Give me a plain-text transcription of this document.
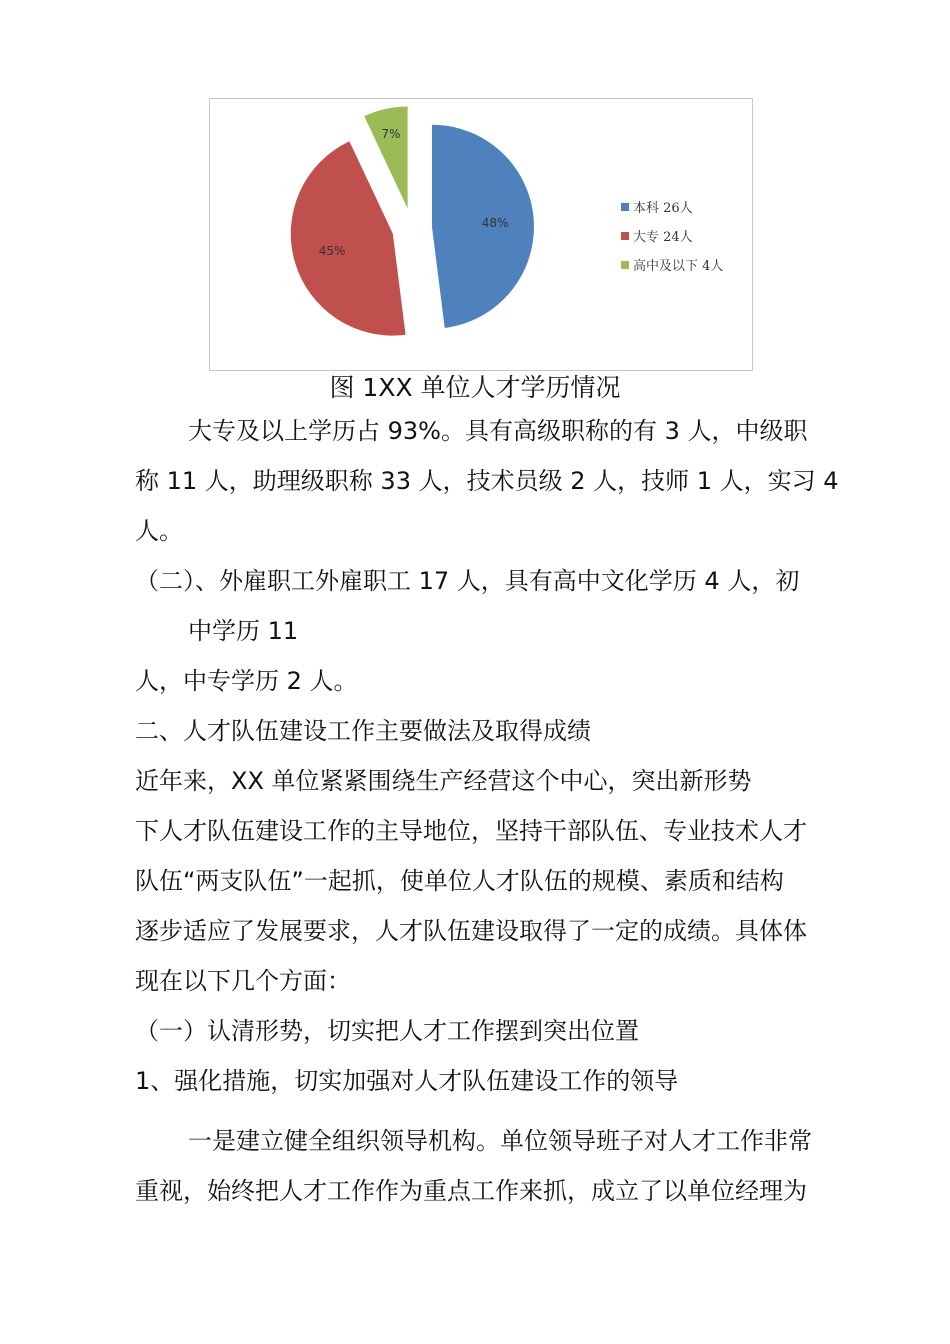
48%
45%
7%
本科 26人
大专 24人
高中及以下 4人
图 1XX 单位人才学历情况
大专及以上学历占 93%。具有高级职称的有 3 人，中级职
称 11 人，助理级职称 33 人，技术员级 2 人，技师 1 人，实习 4
人。
（二）、外雇职工外雇职工 17 人，具有高中文化学历 4 人，初
中学历 11
人，中专学历 2 人。
二、人才队伍建设工作主要做法及取得成绩
近年来，XX 单位紧紧围绕生产经营这个中心，突出新形势
下人才队伍建设工作的主导地位，坚持干部队伍、专业技术人才
队伍“两支队伍”一起抓，使单位人才队伍的规模、素质和结构
逐步适应了发展要求，人才队伍建设取得了一定的成绩。具体体
现在以下几个方面：
（一）认清形势，切实把人才工作摆到突出位置
1、强化措施，切实加强对人才队伍建设工作的领导
一是建立健全组织领导机构。单位领导班子对人才工作非常
重视，始终把人才工作作为重点工作来抓，成立了以单位经理为
